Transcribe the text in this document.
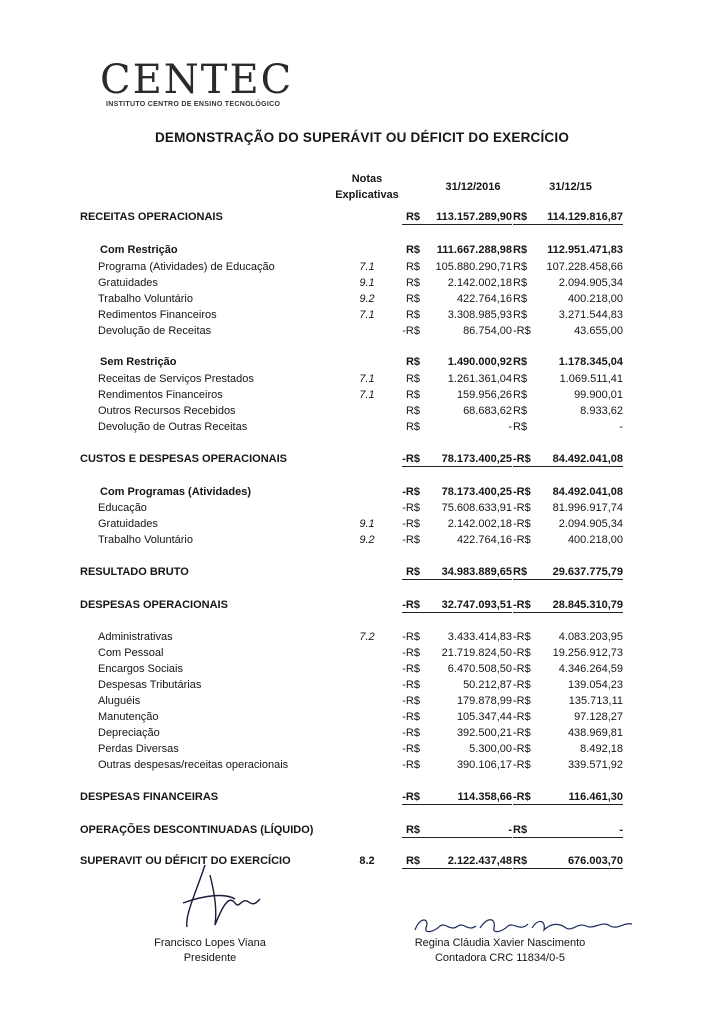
CENTEC
INSTITUTO CENTRO DE ENSINO TECNOLÓGICO
DEMONSTRAÇÃO DO SUPERÁVIT OU DÉFICIT DO EXERCÍCIO
Notas
Explicativas
31/12/2016	31/12/15
RECEITAS OPERACIONAIS	R$	113.157.289,90 R$	114.129.816,87
Com Restrição	R$	111.667.288,98 R$	112.951.471,83
Programa (Atividades) de Educação	7.1	R$	105.880.290,71 R$	107.228.458,66
Gratuidades	9.1	R$	2.142.002,18 R$	2.094.905,34
Trabalho Voluntário	9.2	R$	422.764,16 R$	400.218,00
Redimentos Financeiros	7.1	R$	3.308.985,93 R$	3.271.544,83
Devolução de Receitas	-R$	86.754,00 -R$	43.655,00
Sem Restrição	R$	1.490.000,92 R$	1.178.345,04
Receitas de Serviços Prestados	7.1	R$	1.261.361,04 R$	1.069.511,41
Rendimentos Financeiros	7.1	R$	159.956,26 R$	99.900,01
Outros Recursos Recebidos	R$	68.683,62 R$	8.933,62
Devolução de Outras Receitas	R$	- R$	-
CUSTOS E DESPESAS OPERACIONAIS	-R$	78.173.400,25 -R$	84.492.041,08
Com Programas (Atividades)	-R$	78.173.400,25 -R$	84.492.041,08
Educação	-R$	75.608.633,91 -R$	81.996.917,74
Gratuidades	9.1	-R$	2.142.002,18 -R$	2.094.905,34
Trabalho Voluntário	9.2	-R$	422.764,16 -R$	400.218,00
RESULTADO BRUTO	R$	34.983.889,65 R$	29.637.775,79
DESPESAS OPERACIONAIS	-R$	32.747.093,51 -R$	28.845.310,79
Administrativas	7.2	-R$	3.433.414,83 -R$	4.083.203,95
Com Pessoal	-R$	21.719.824,50 -R$	19.256.912,73
Encargos Sociais	-R$	6.470.508,50 -R$	4.346.264,59
Despesas Tributárias	-R$	50.212,87 -R$	139.054,23
Aluguéis	-R$	179.878,99 -R$	135.713,11
Manutenção	-R$	105.347,44 -R$	97.128,27
Depreciação	-R$	392.500,21 -R$	438.969,81
Perdas Diversas	-R$	5.300,00 -R$	8.492,18
Outras despesas/receitas operacionais	-R$	390.106,17 -R$	339.571,92
DESPESAS FINANCEIRAS	-R$	114.358,66 -R$	116.461,30
OPERAÇÕES DESCONTINUADAS (LÍQUIDO)	R$	- R$	-
SUPERAVIT OU DÉFICIT DO EXERCÍCIO	8.2	R$	2.122.437,48 R$	676.003,70
Francisco Lopes Viana
Presidente
Regina Cláudia Xavier Nascimento
Contadora CRC 11834/0-5
